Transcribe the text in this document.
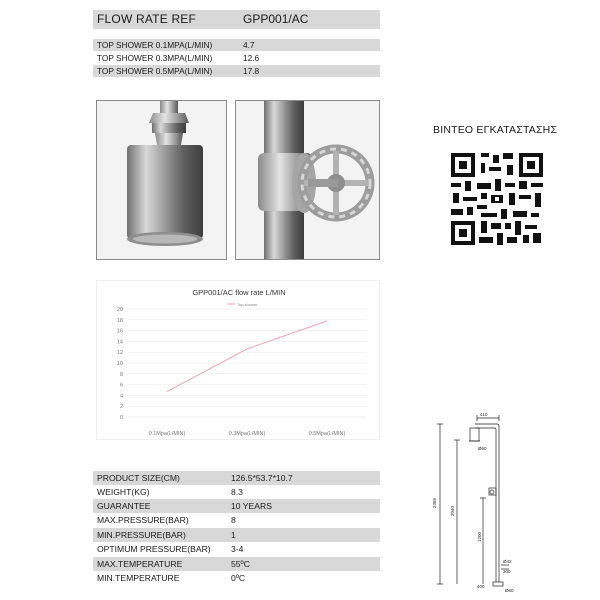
FLOW RATE REF	GPP001/AC
TOP SHOWER 0.1MPA(L/MIN)	4.7
TOP SHOWER 0.3MPA(L/MIN)	12.6
TOP SHOWER 0.5MPA(L/MIN)	17.8
ΒΙΝΤΕΟ ΕΓΚΑΤΑΣΤΑΣΗΣ
GPP001/AC flow rate L/MIN
Top shower
0
2
4
6
8
10
12
14
16
18
20
0.1Mpa(L/MIN)	0.3Mpa(L/MIN)	0.5Mpa(L/MIN)
PRODUCT SIZE(CM)	126.5*53.7*10.7
WEIGHT(KG)	8.3
GUARANTEE	10 YEARS
MAX.PRESSURE(BAR)	8
MIN.PRESSURE(BAR)	1
OPTIMUM PRESSURE(BAR) 3-4
MAX.TEMPERATURE	55ºC
MIN.TEMPERATURE	0ºC
410
Ø60
2365
2040
1200
Ø42
300
400
Ø60
